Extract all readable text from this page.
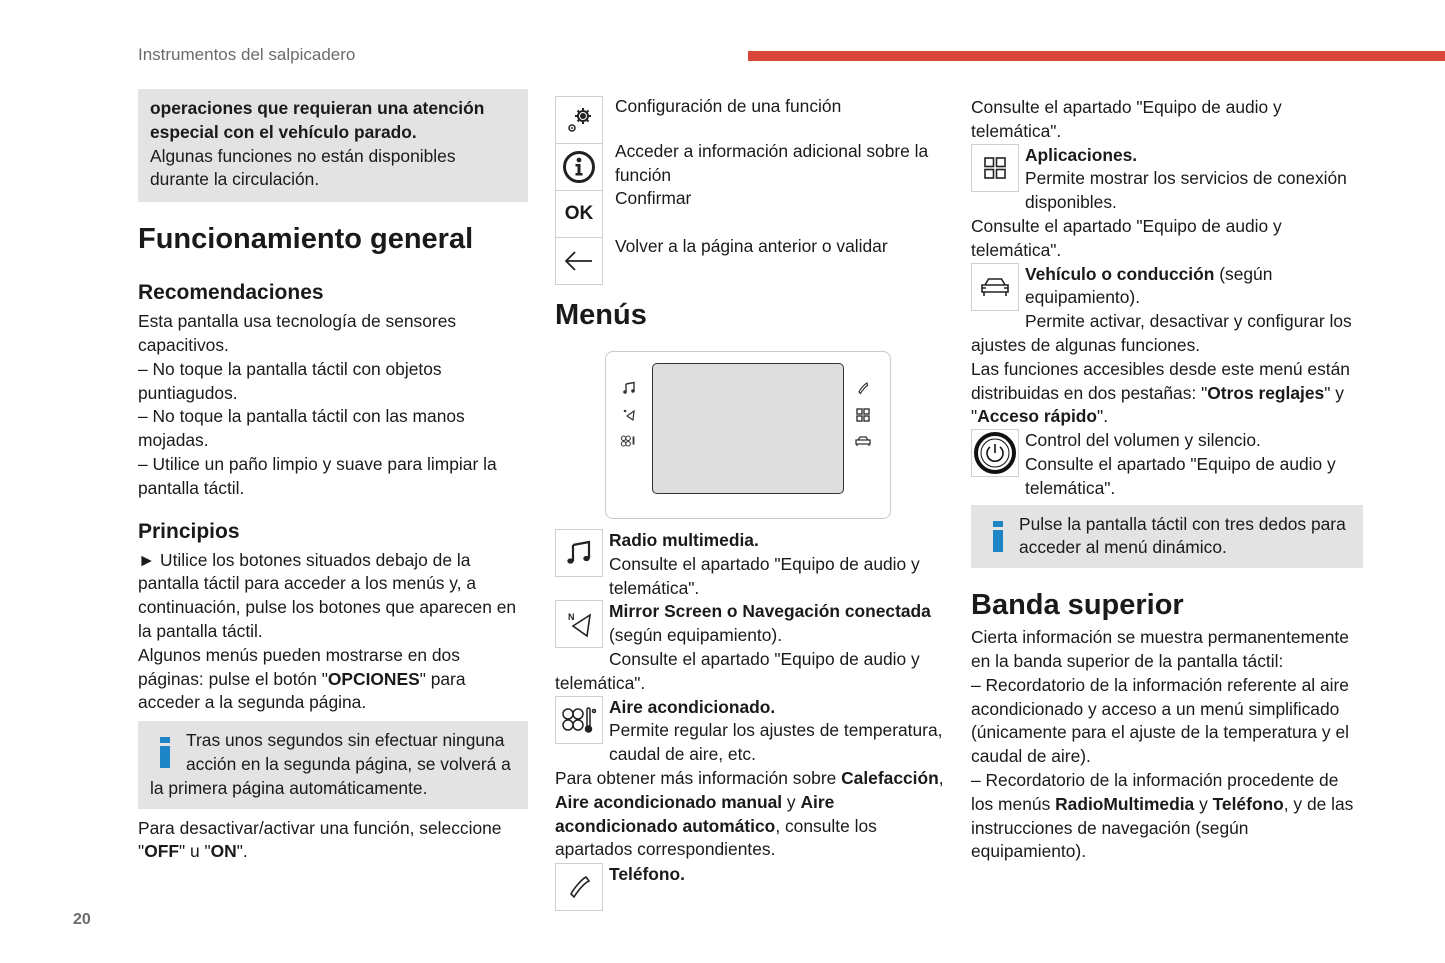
Instrumentos del salpicadero
20

operaciones que requieran una atención especial con el vehículo parado.

Algunas funciones no están disponibles durante la circulación.

Funcionamiento general
Recomendaciones

Esta pantalla usa tecnología de sensores capacitivos.

– No toque la pantalla táctil con objetos puntiagudos.

– No toque la pantalla táctil con las manos mojadas.

– Utilice un paño limpio y suave para limpiar la pantalla táctil.

Principios

► Utilice los botones situados debajo de la pantalla táctil para acceder a los menús y, a continuación, pulse los botones que aparecen en la pantalla táctil.

Algunos menús pueden mostrarse en dos páginas: pulse el botón "OPCIONES" para acceder a la segunda página.

Tras unos segundos sin efectuar ninguna acción en la segunda página, se volverá a la primera página automáticamente.

Para desactivar/activar una función, seleccione "OFF" u "ON".

Configuración de una función
Acceder a información adicional sobre la función
OK
Confirmar
Volver a la página anterior o validar
Menús

Radio multimedia.
Consulte el apartado "Equipo de audio y telemática".

N	Mirror Screen o Navegación conectada
(según equipamiento).
Consulte el apartado "Equipo de audio y telemática".

Aire acondicionado.
Permite regular los ajustes de temperatura, caudal de aire, etc.

Para obtener más información sobre Calefacción, Aire acondicionado manual y Aire acondicionado automático, consulte los apartados correspondientes.

Teléfono.

Consulte el apartado "Equipo de audio y telemática".

Aplicaciones.
Permite mostrar los servicios de conexión disponibles.

Consulte el apartado "Equipo de audio y telemática".

Vehículo o conducción (según equipamiento).

Permite activar, desactivar y configurar los ajustes de algunas funciones.

Las funciones accesibles desde este menú están distribuidas en dos pestañas: "Otros reglajes" y "Acceso rápido".

Control del volumen y silencio.
Consulte el apartado "Equipo de audio y telemática".

Pulse la pantalla táctil con tres dedos para acceder al menú dinámico.

Banda superior

Cierta información se muestra permanentemente en la banda superior de la pantalla táctil:

– Recordatorio de la información referente al aire acondicionado y acceso a un menú simplificado (únicamente para el ajuste de la temperatura y el caudal de aire).

– Recordatorio de la información procedente de los menús RadioMultimedia y Teléfono, y de las instrucciones de navegación (según equipamiento).
